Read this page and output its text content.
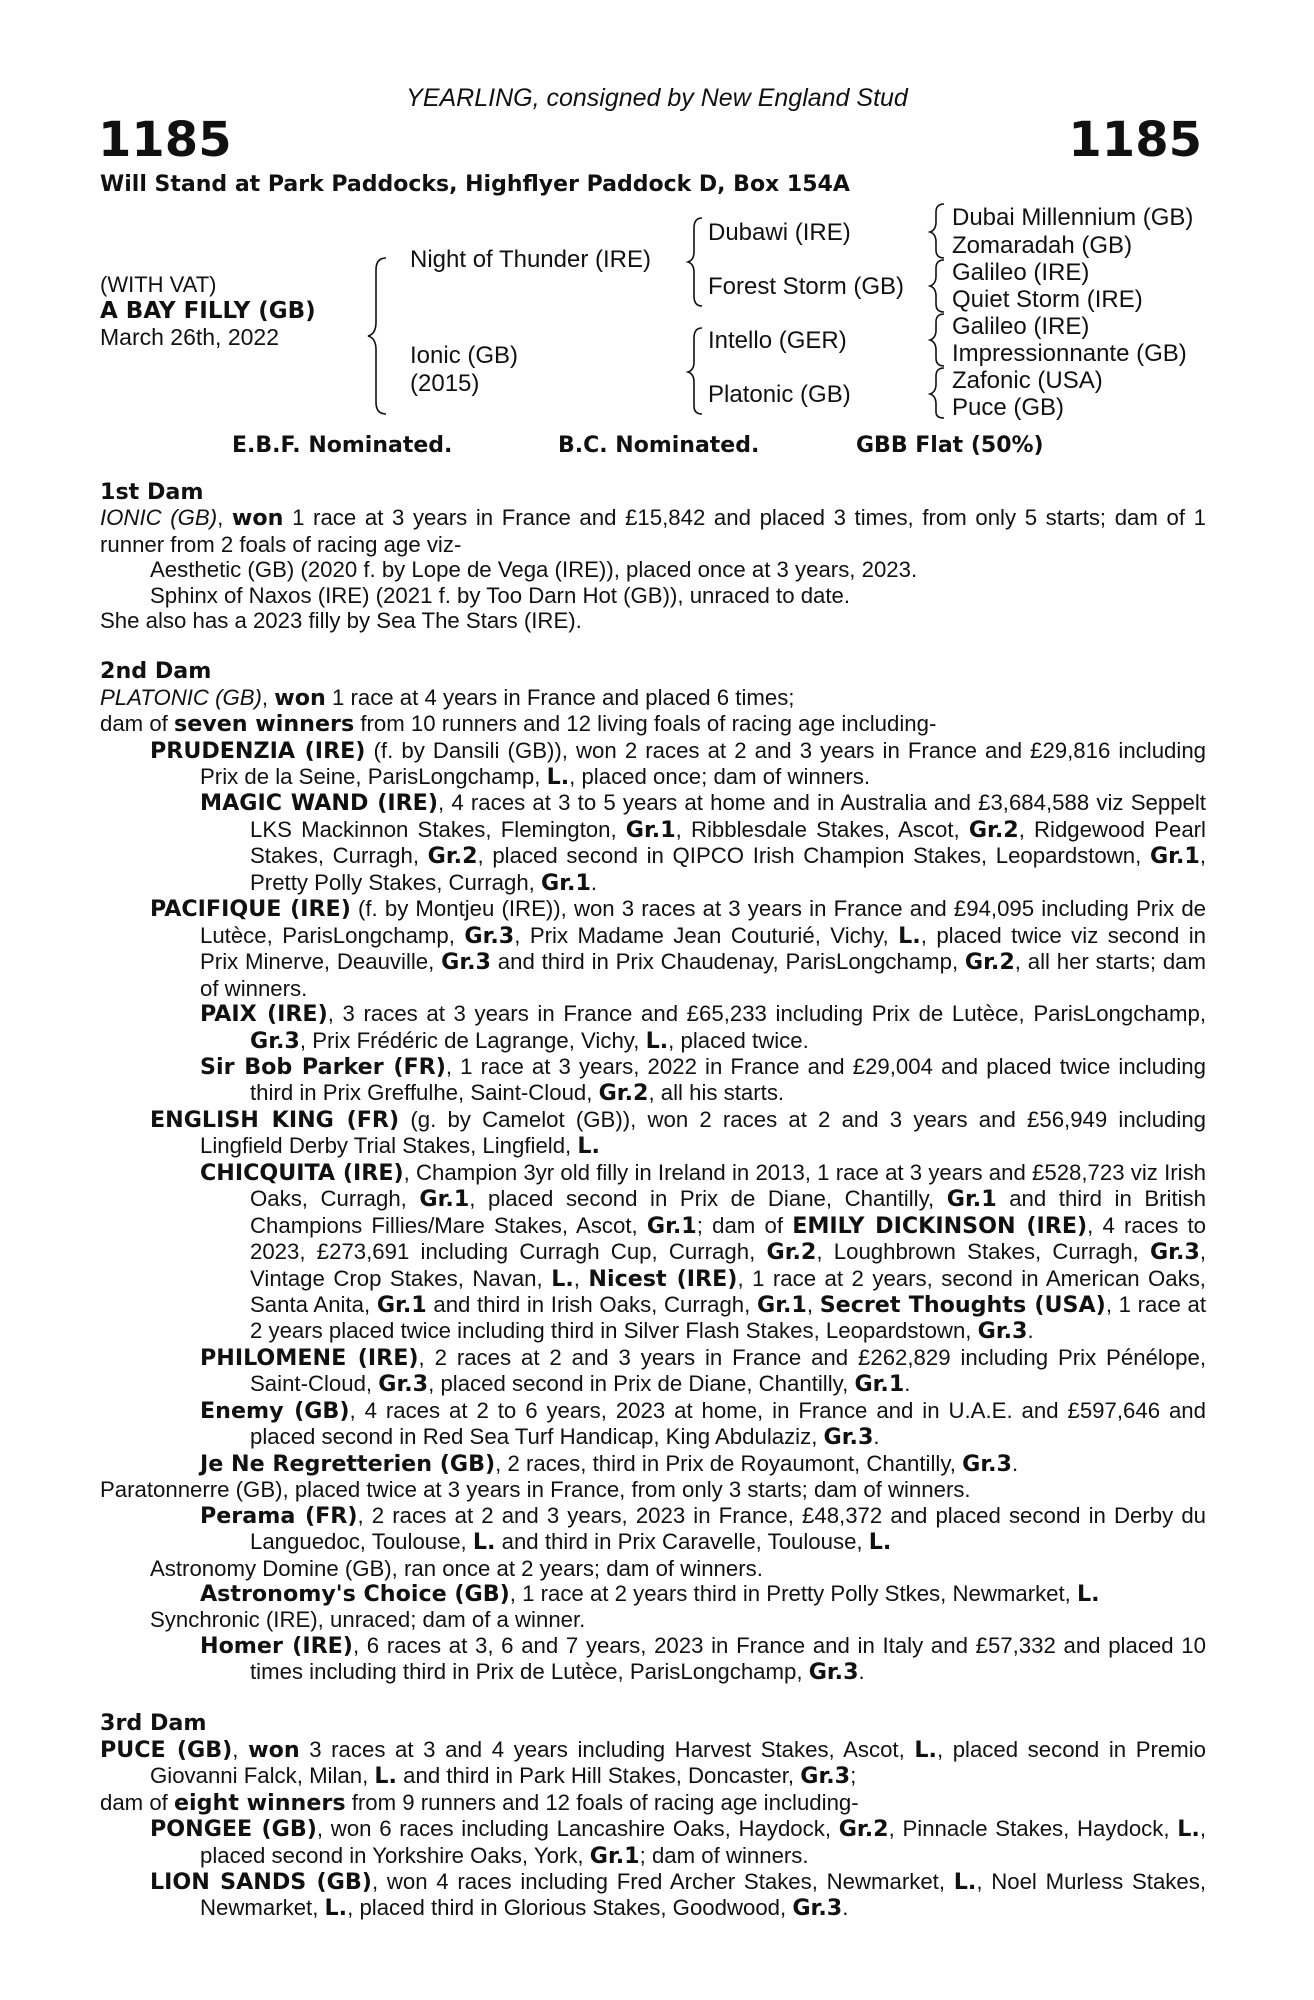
YEARLING, consigned by New England Stud
1185	1185
Will Stand at Park Paddocks, Highflyer Paddock D, Box 154A
(WITH VAT)
A BAY FILLY (GB)
March 26th, 2022
Night of Thunder (IRE)
Ionic (GB)
(2015)
Dubawi (IRE)
Forest Storm (GB)
Intello (GER)
Platonic (GB)
Dubai Millennium (GB)
Zomaradah (GB)
Galileo (IRE)
Quiet Storm (IRE)
Galileo (IRE)
Impressionnante (GB)
Zafonic (USA)
Puce (GB)
E.B.F. Nominated.	B.C. Nominated.	GBB Flat (50%)
1st Dam

IONIC (GB), won 1 race at 3 years in France and £15,842 and placed 3 times, from only 5 starts; dam of 1 runner from 2 foals of racing age viz-

Aesthetic (GB) (2020 f. by Lope de Vega (IRE)), placed once at 3 years, 2023.

Sphinx of Naxos (IRE) (2021 f. by Too Darn Hot (GB)), unraced to date.

She also has a 2023 filly by Sea The Stars (IRE).

2nd Dam

PLATONIC (GB), won 1 race at 4 years in France and placed 6 times;

dam of seven winners from 10 runners and 12 living foals of racing age including-

PRUDENZIA (IRE) (f. by Dansili (GB)), won 2 races at 2 and 3 years in France and £29,816 including Prix de la Seine, ParisLongchamp, L., placed once; dam of winners.

MAGIC WAND (IRE), 4 races at 3 to 5 years at home and in Australia and £3,684,588 viz Seppelt LKS Mackinnon Stakes, Flemington, Gr.1, Ribblesdale Stakes, Ascot, Gr.2, Ridgewood Pearl Stakes, Curragh, Gr.2, placed second in QIPCO Irish Champion Stakes, Leopardstown, Gr.1, Pretty Polly Stakes, Curragh, Gr.1.

PACIFIQUE (IRE) (f. by Montjeu (IRE)), won 3 races at 3 years in France and £94,095 including Prix de Lutèce, ParisLongchamp, Gr.3, Prix Madame Jean Couturié, Vichy, L., placed twice viz second in Prix Minerve, Deauville, Gr.3 and third in Prix Chaudenay, ParisLongchamp, Gr.2, all her starts; dam of winners.

PAIX (IRE), 3 races at 3 years in France and £65,233 including Prix de Lutèce, ParisLongchamp, Gr.3, Prix Frédéric de Lagrange, Vichy, L., placed twice.

Sir Bob Parker (FR), 1 race at 3 years, 2022 in France and £29,004 and placed twice including third in Prix Greffulhe, Saint-Cloud, Gr.2, all his starts.

ENGLISH KING (FR) (g. by Camelot (GB)), won 2 races at 2 and 3 years and £56,949 including Lingfield Derby Trial Stakes, Lingfield, L.

CHICQUITA (IRE), Champion 3yr old filly in Ireland in 2013, 1 race at 3 years and £528,723 viz Irish Oaks, Curragh, Gr.1, placed second in Prix de Diane, Chantilly, Gr.1 and third in British Champions Fillies/Mare Stakes, Ascot, Gr.1; dam of EMILY DICKINSON (IRE), 4 races to 2023, £273,691 including Curragh Cup, Curragh, Gr.2, Loughbrown Stakes, Curragh, Gr.3, Vintage Crop Stakes, Navan, L., Nicest (IRE), 1 race at 2 years, second in American Oaks, Santa Anita, Gr.1 and third in Irish Oaks, Curragh, Gr.1, Secret Thoughts (USA), 1 race at 2 years placed twice including third in Silver Flash Stakes, Leopardstown, Gr.3.

PHILOMENE (IRE), 2 races at 2 and 3 years in France and £262,829 including Prix Pénélope, Saint-Cloud, Gr.3, placed second in Prix de Diane, Chantilly, Gr.1.

Enemy (GB), 4 races at 2 to 6 years, 2023 at home, in France and in U.A.E. and £597,646 and placed second in Red Sea Turf Handicap, King Abdulaziz, Gr.3.

Je Ne Regretterien (GB), 2 races, third in Prix de Royaumont, Chantilly, Gr.3.

Paratonnerre (GB), placed twice at 3 years in France, from only 3 starts; dam of winners.

Perama (FR), 2 races at 2 and 3 years, 2023 in France, £48,372 and placed second in Derby du Languedoc, Toulouse, L. and third in Prix Caravelle, Toulouse, L.

Astronomy Domine (GB), ran once at 2 years; dam of winners.

Astronomy's Choice (GB), 1 race at 2 years third in Pretty Polly Stkes, Newmarket, L.

Synchronic (IRE), unraced; dam of a winner.

Homer (IRE), 6 races at 3, 6 and 7 years, 2023 in France and in Italy and £57,332 and placed 10 times including third in Prix de Lutèce, ParisLongchamp, Gr.3.

3rd Dam

PUCE (GB), won 3 races at 3 and 4 years including Harvest Stakes, Ascot, L., placed second in Premio Giovanni Falck, Milan, L. and third in Park Hill Stakes, Doncaster, Gr.3;

dam of eight winners from 9 runners and 12 foals of racing age including-

PONGEE (GB), won 6 races including Lancashire Oaks, Haydock, Gr.2, Pinnacle Stakes, Haydock, L., placed second in Yorkshire Oaks, York, Gr.1; dam of winners.

LION SANDS (GB), won 4 races including Fred Archer Stakes, Newmarket, L., Noel Murless Stakes, Newmarket, L., placed third in Glorious Stakes, Goodwood, Gr.3.
